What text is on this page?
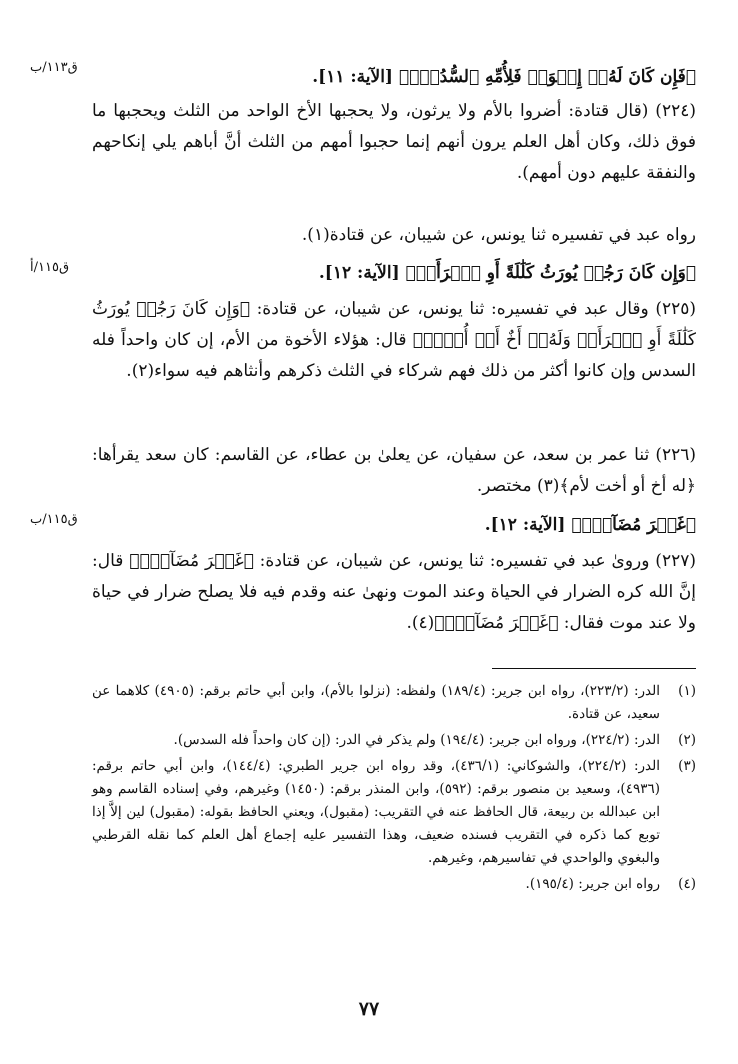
ق١١٣/ب
ق١١٥/أ
ق١١٥/ب

﴿فَإِن كَانَ لَهُۥٓ إِخۡوَةٞ فَلِأُمِّهِ ٱلسُّدُسُۚ﴾ [الآية: ١١].

(٢٢٤) (قال قتادة: أضروا بالأم ولا يرثون، ولا يحجبها الأخ الواحد من الثلث ويحجبها ما فوق ذلك، وكان أهل العلم يرون أنهم إنما حجبوا أمهم من الثلث أنَّ أباهم يلي إنكاحهم والنفقة عليهم دون أمهم).

رواه عبد في تفسيره ثنا يونس، عن شيبان، عن قتادة(١).

﴿وَإِن كَانَ رَجُلٞ يُورَثُ كَلَٰلَةً أَوِ ٱمۡرَأَةٞ﴾ [الآية: ١٢].

(٢٢٥) وقال عبد في تفسيره: ثنا يونس، عن شيبان، عن قتادة: ﴿وَإِن كَانَ رَجُلٞ يُورَثُ كَلَٰلَةً أَوِ ٱمۡرَأَةٞ وَلَهُۥٓ أَخٌ أَوۡ أُخۡتٞ﴾ قال: هؤلاء الأخوة من الأم، إن كان واحداً فله السدس وإن كانوا أكثر من ذلك فهم شركاء في الثلث ذكرهم وأنثاهم فيه سواء(٢).

(٢٢٦) ثنا عمر بن سعد، عن سفيان، عن يعلىٰ بن عطاء، عن القاسم: كان سعد يقرأها: ﴿له أخ أو أخت لأم﴾(٣) مختصر.

﴿غَيۡرَ مُضَآرّٖ﴾ [الآية: ١٢].

(٢٢٧) وروىٰ عبد في تفسيره: ثنا يونس، عن شيبان، عن قتادة: ﴿غَيۡرَ مُضَآرّٖ﴾ قال: إنَّ الله كره الضرار في الحياة وعند الموت ونهىٰ عنه وقدم فيه فلا يصلح ضرار في حياة ولا عند موت فقال: ﴿غَيۡرَ مُضَآرّٖ﴾(٤).

(١)
الدر: (٢٢٣/٢)، رواه ابن جرير: (١٨٩/٤) ولفظه: (نزلوا بالأم)، وابن أبي حاتم برقم: (٤٩٠٥) كلاهما عن سعيد، عن قتادة.
(٢)
الدر: (٢٢٤/٢)، ورواه ابن جرير: (١٩٤/٤) ولم يذكر في الدر: (إن كان واحداً فله السدس).
(٣)
الدر: (٢٢٤/٢)، والشوكاني: (٤٣٦/١)، وقد رواه ابن جرير الطبري: (١٤٤/٤)، وابن أبي حاتم برقم: (٤٩٣٦)، وسعيد بن منصور برقم: (٥٩٢)، وابن المنذر برقم: (١٤٥٠) وغيرهم، وفي إسناده القاسم وهو ابن عبدالله بن ربيعة، قال الحافظ عنه في التقريب: (مقبول)، ويعني الحافظ بقوله: (مقبول) لين إلاَّ إذا توبع كما ذكره في التقريب فسنده ضعيف، وهذا التفسير عليه إجماع أهل العلم كما نقله القرطبي والبغوي والواحدي في تفاسيرهم، وغيرهم.
(٤)
رواه ابن جرير: (١٩٥/٤).
٧٧
